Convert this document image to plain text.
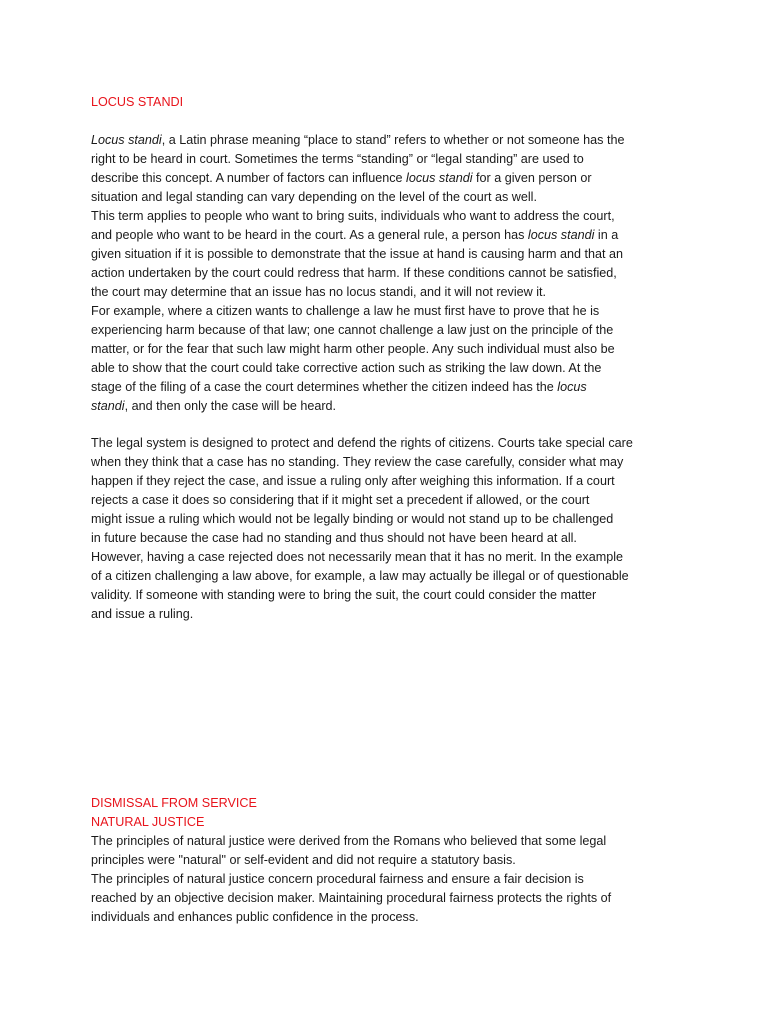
LOCUS STANDI
Locus standi, a Latin phrase meaning “place to stand” refers to whether or not someone has the
right to be heard in court. Sometimes the terms “standing” or “legal standing” are used to
describe this concept. A number of factors can influence locus standi for a given person or
situation and legal standing can vary depending on the level of the court as well.
This term applies to people who want to bring suits, individuals who want to address the court,
and people who want to be heard in the court. As a general rule, a person has locus standi in a
given situation if it is possible to demonstrate that the issue at hand is causing harm and that an
action undertaken by the court could redress that harm. If these conditions cannot be satisfied,
the court may determine that an issue has no locus standi, and it will not review it.
For example, where a citizen wants to challenge a law he must first have to prove that he is
experiencing harm because of that law; one cannot challenge a law just on the principle of the
matter, or for the fear that such law might harm other people. Any such individual must also be
able to show that the court could take corrective action such as striking the law down. At the
stage of the filing of a case the court determines whether the citizen indeed has the locus
standi, and then only the case will be heard.
The legal system is designed to protect and defend the rights of citizens. Courts take special care
when they think that a case has no standing. They review the case carefully, consider what may
happen if they reject the case, and issue a ruling only after weighing this information. If a court
rejects a case it does so considering that if it might set a precedent if allowed, or the court
might issue a ruling which would not be legally binding or would not stand up to be challenged
in future because the case had no standing and thus should not have been heard at all.
However, having a case rejected does not necessarily mean that it has no merit. In the example
of a citizen challenging a law above, for example, a law may actually be illegal or of questionable
validity. If someone with standing were to bring the suit, the court could consider the matter
and issue a ruling.
DISMISSAL FROM SERVICE
NATURAL JUSTICE
The principles of natural justice were derived from the Romans who believed that some legal
principles were "natural" or self-evident and did not require a statutory basis.
The principles of natural justice concern procedural fairness and ensure a fair decision is
reached by an objective decision maker. Maintaining procedural fairness protects the rights of
individuals and enhances public confidence in the process.
